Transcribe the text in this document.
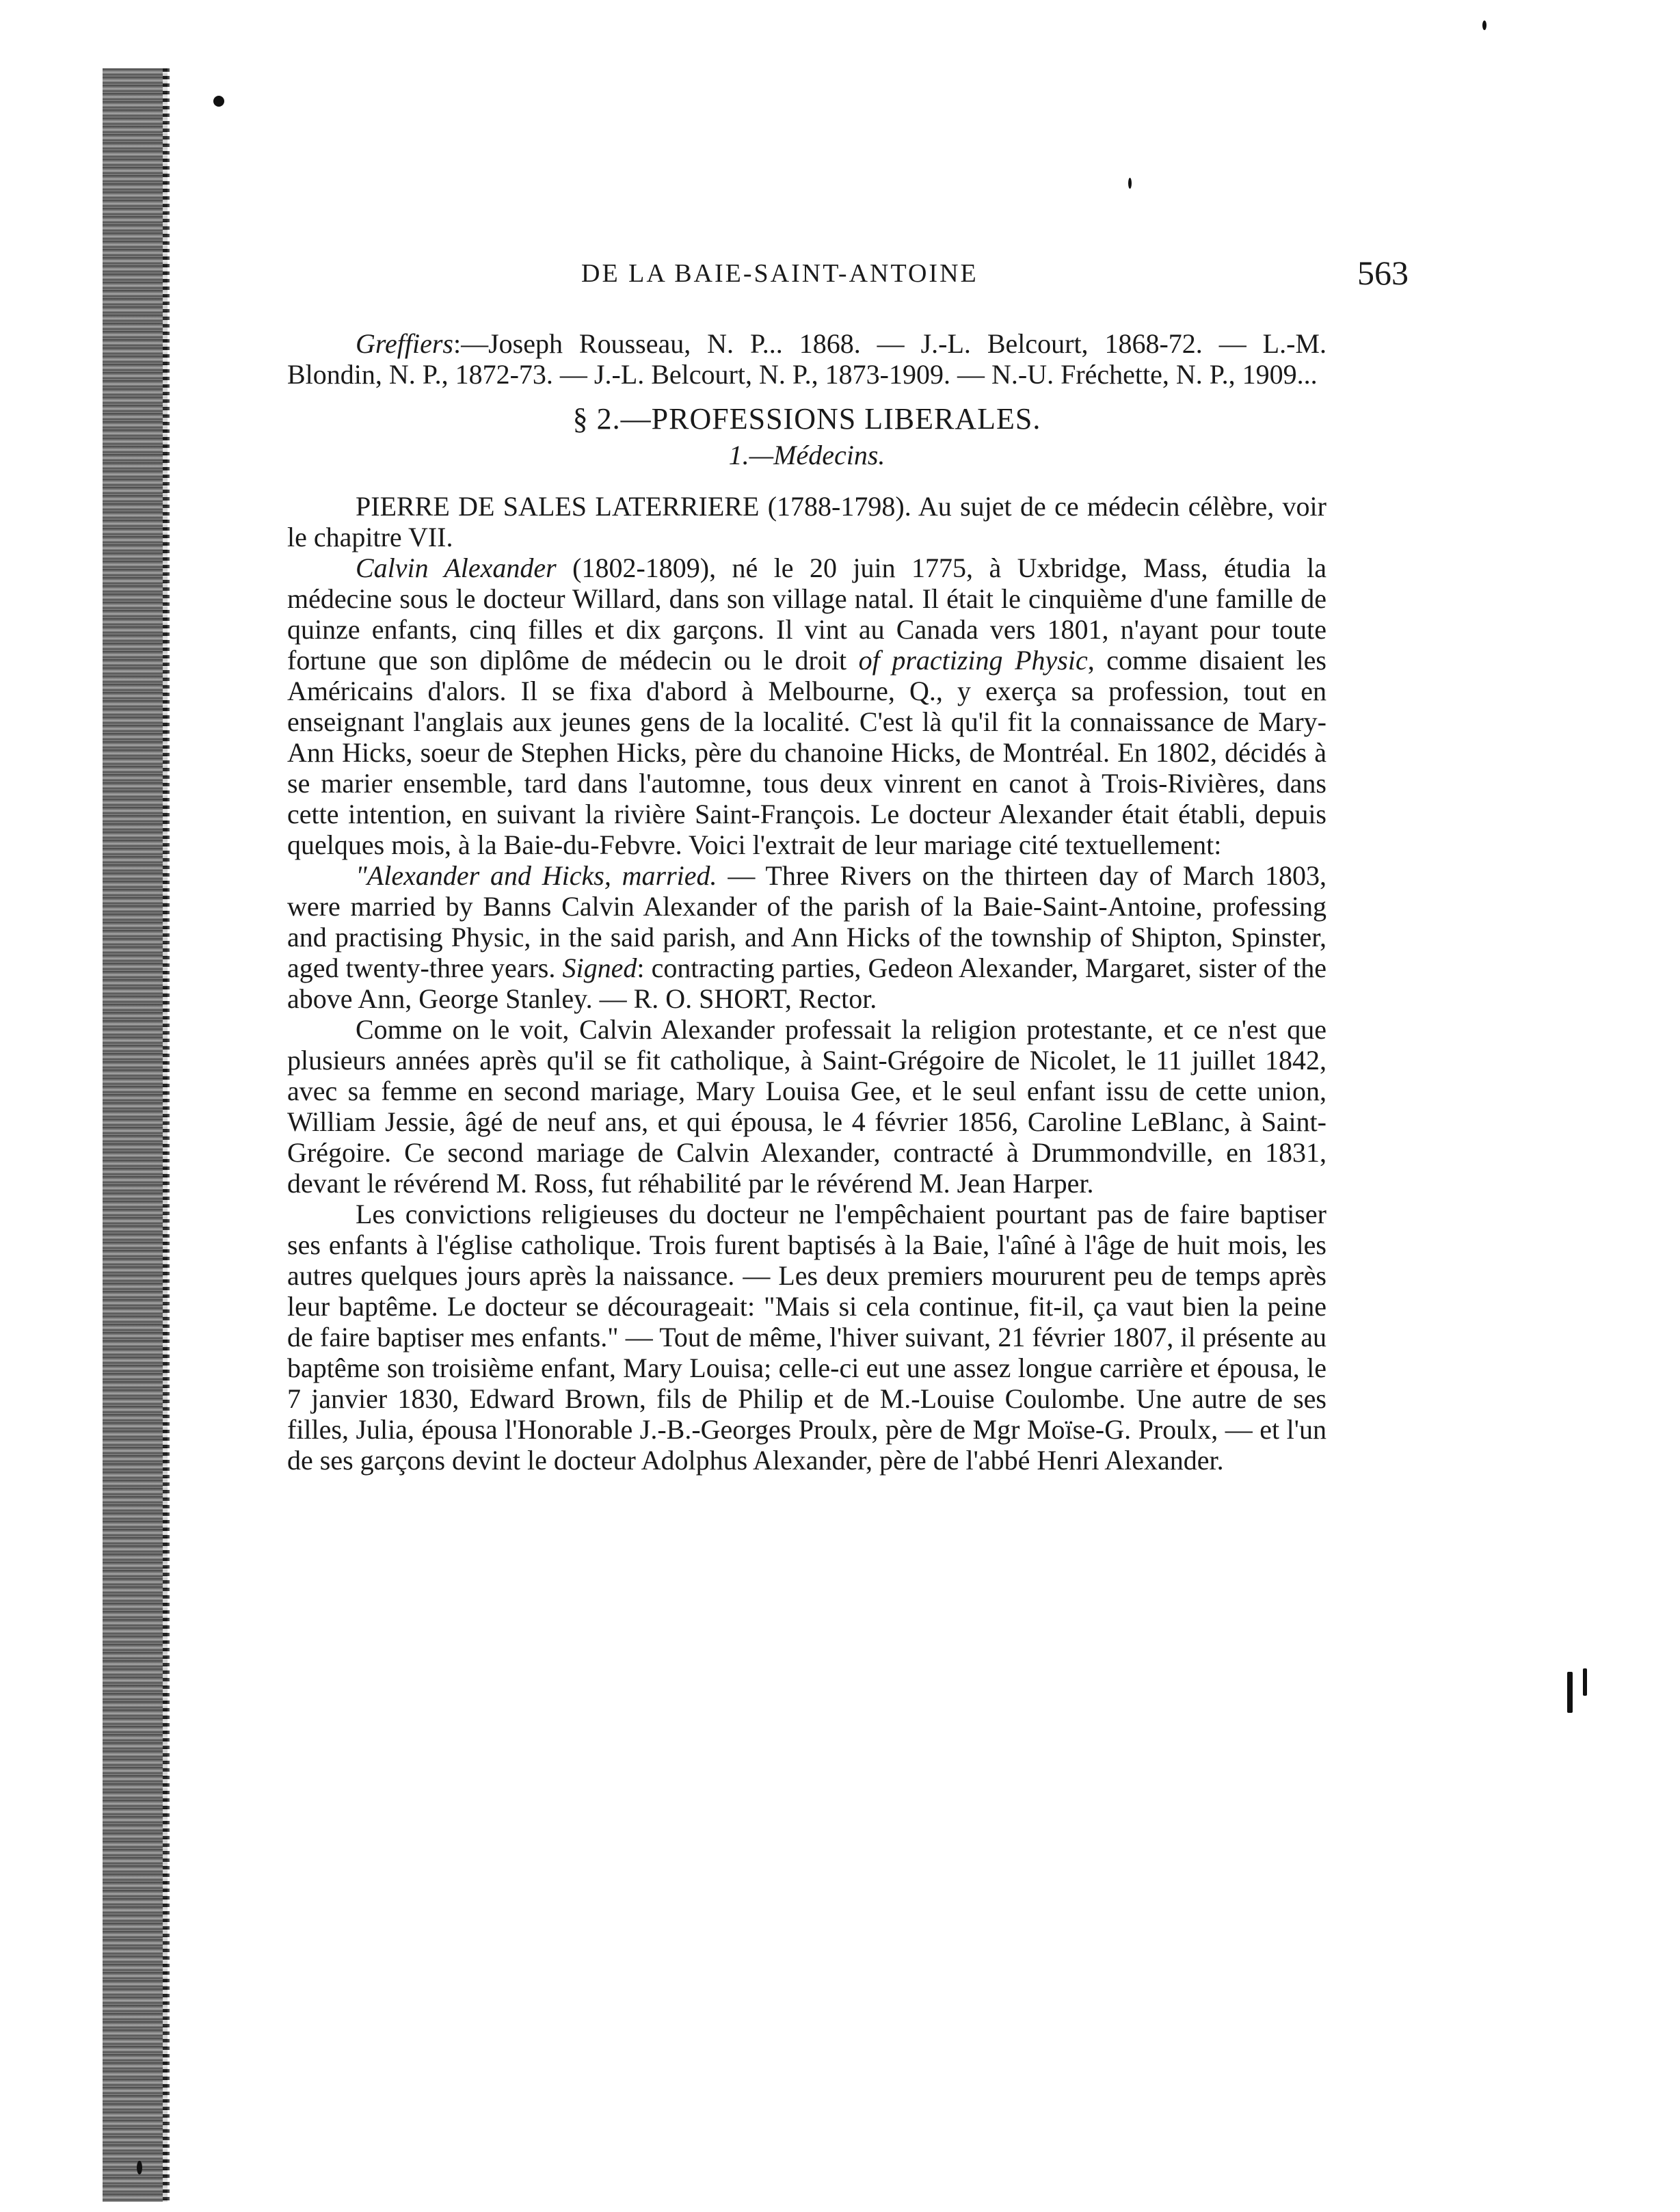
DE LA BAIE-SAINT-ANTOINE	563

Greffiers:—Joseph Rousseau, N. P... 1868. — J.-L. Belcourt, 1868-72. — L.-M. Blondin, N. P., 1872-73. — J.-L. Belcourt, N. P., 1873-1909. — N.-U. Fréchette, N. P., 1909...

§ 2.—PROFESSIONS LIBERALES.
1.—Médecins.

PIERRE DE SALES LATERRIERE (1788-1798). Au sujet de ce médecin célèbre, voir le chapitre VII.

Calvin Alexander (1802-1809), né le 20 juin 1775, à Uxbridge, Mass, étudia la médecine sous le docteur Willard, dans son village natal. Il était le cinquième d'une famille de quinze enfants, cinq filles et dix garçons. Il vint au Canada vers 1801, n'ayant pour toute fortune que son diplôme de médecin ou le droit of practizing Physic, comme disaient les Américains d'alors. Il se fixa d'abord à Melbourne, Q., y exerça sa profession, tout en enseignant l'anglais aux jeunes gens de la localité. C'est là qu'il fit la connaissance de Mary-Ann Hicks, soeur de Stephen Hicks, père du chanoine Hicks, de Montréal. En 1802, décidés à se marier ensemble, tard dans l'automne, tous deux vinrent en canot à Trois-Rivières, dans cette intention, en suivant la rivière Saint-François. Le docteur Alexander était établi, depuis quelques mois, à la Baie-du-Febvre. Voici l'extrait de leur mariage cité textuellement:

"Alexander and Hicks, married. — Three Rivers on the thirteen day of March 1803, were married by Banns Calvin Alexander of the parish of la Baie-Saint-Antoine, professing and practising Physic, in the said parish, and Ann Hicks of the township of Shipton, Spinster, aged twenty-three years. Signed: contracting parties, Gedeon Alexander, Margaret, sister of the above Ann, George Stanley. — R. O. SHORT, Rector.

Comme on le voit, Calvin Alexander professait la religion protestante, et ce n'est que plusieurs années après qu'il se fit catholique, à Saint-Grégoire de Nicolet, le 11 juillet 1842, avec sa femme en second mariage, Mary Louisa Gee, et le seul enfant issu de cette union, William Jessie, âgé de neuf ans, et qui épousa, le 4 février 1856, Caroline LeBlanc, à Saint-Grégoire. Ce second mariage de Calvin Alexander, contracté à Drummondville, en 1831, devant le révérend M. Ross, fut réhabilité par le révérend M. Jean Harper.

Les convictions religieuses du docteur ne l'empêchaient pourtant pas de faire baptiser ses enfants à l'église catholique. Trois furent baptisés à la Baie, l'aîné à l'âge de huit mois, les autres quelques jours après la naissance. — Les deux premiers moururent peu de temps après leur baptême. Le docteur se décourageait: "Mais si cela continue, fit-il, ça vaut bien la peine de faire baptiser mes enfants." — Tout de même, l'hiver suivant, 21 février 1807, il présente au baptême son troisième enfant, Mary Louisa; celle-ci eut une assez longue carrière et épousa, le 7 janvier 1830, Edward Brown, fils de Philip et de M.-Louise Coulombe. Une autre de ses filles, Julia, épousa l'Honorable J.-B.-Georges Proulx, père de Mgr Moïse-G. Proulx, — et l'un de ses garçons devint le docteur Adolphus Alexander, père de l'abbé Henri Alexander.
